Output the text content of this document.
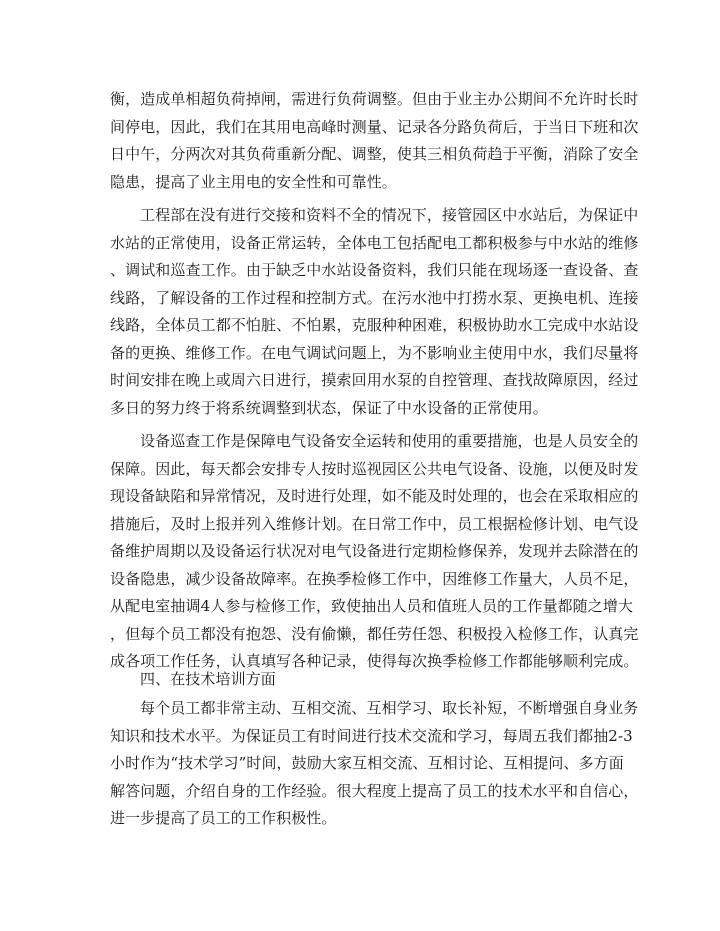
衡，造成单相超负荷掉闸，需进行负荷调整。但由于业主办公期间不允许时长时
间停电，因此，我们在其用电高峰时测量、记录各分路负荷后，于当日下班和次
日中午，分两次对其负荷重新分配、调整，使其三相负荷趋于平衡，消除了安全
隐患，提高了业主用电的安全性和可靠性。
工程部在没有进行交接和资料不全的情况下，接管园区中水站后，为保证中
水站的正常使用，设备正常运转，全体电工包括配电工都积极参与中水站的维修
、调试和巡查工作。由于缺乏中水站设备资料，我们只能在现场逐一查设备、查
线路，了解设备的工作过程和控制方式。在污水池中打捞水泵、更换电机、连接
线路，全体员工都不怕脏、不怕累，克服种种困难，积极协助水工完成中水站设
备的更换、维修工作。在电气调试问题上，为不影响业主使用中水，我们尽量将
时间安排在晚上或周六日进行，摸索回用水泵的自控管理、查找故障原因，经过
多日的努力终于将系统调整到状态，保证了中水设备的正常使用。
设备巡查工作是保障电气设备安全运转和使用的重要措施，也是人员安全的
保障。因此，每天都会安排专人按时巡视园区公共电气设备、设施，以便及时发
现设备缺陷和异常情况，及时进行处理，如不能及时处理的，也会在采取相应的
措施后，及时上报并列入维修计划。在日常工作中，员工根据检修计划、电气设
备维护周期以及设备运行状况对电气设备进行定期检修保养，发现并去除潜在的
设备隐患，减少设备故障率。在换季检修工作中，因维修工作量大，人员不足，
从配电室抽调4人参与检修工作，致使抽出人员和值班人员的工作量都随之增大
，但每个员工都没有抱怨、没有偷懒，都任劳任怨、积极投入检修工作，认真完
成各项工作任务，认真填写各种记录，使得每次换季检修工作都能够顺利完成。
四、在技术培训方面
每个员工都非常主动、互相交流、互相学习、取长补短，不断增强自身业务
知识和技术水平。为保证员工有时间进行技术交流和学习，每周五我们都抽2-3
小时作为“技术学习”时间，鼓励大家互相交流、互相讨论、互相提问、多方面
解答问题，介绍自身的工作经验。很大程度上提高了员工的技术水平和自信心，
进一步提高了员工的工作积极性。
